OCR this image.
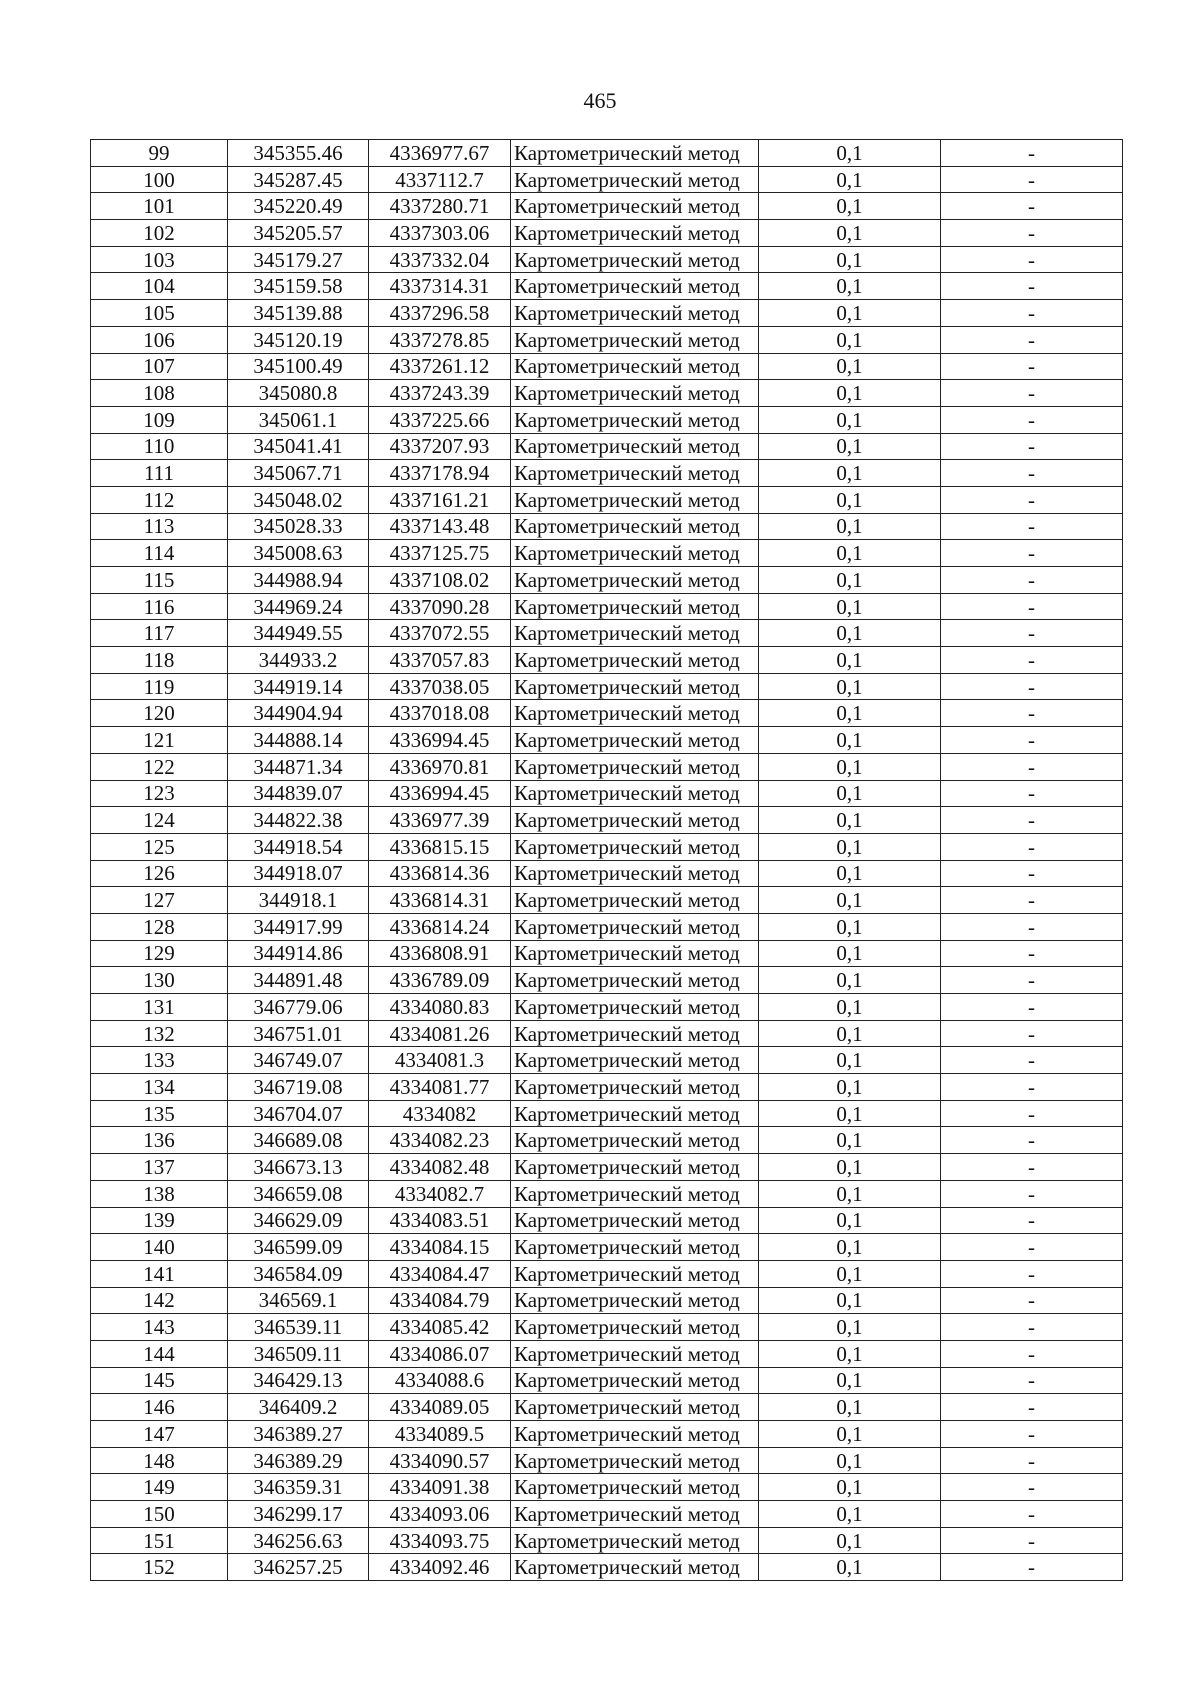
465
99	345355.46	4336977.67	Картометрический метод	0,1	-
100	345287.45	4337112.7	Картометрический метод	0,1	-
101	345220.49	4337280.71	Картометрический метод	0,1	-
102	345205.57	4337303.06	Картометрический метод	0,1	-
103	345179.27	4337332.04	Картометрический метод	0,1	-
104	345159.58	4337314.31	Картометрический метод	0,1	-
105	345139.88	4337296.58	Картометрический метод	0,1	-
106	345120.19	4337278.85	Картометрический метод	0,1	-
107	345100.49	4337261.12	Картометрический метод	0,1	-
108	345080.8	4337243.39	Картометрический метод	0,1	-
109	345061.1	4337225.66	Картометрический метод	0,1	-
110	345041.41	4337207.93	Картометрический метод	0,1	-
111	345067.71	4337178.94	Картометрический метод	0,1	-
112	345048.02	4337161.21	Картометрический метод	0,1	-
113	345028.33	4337143.48	Картометрический метод	0,1	-
114	345008.63	4337125.75	Картометрический метод	0,1	-
115	344988.94	4337108.02	Картометрический метод	0,1	-
116	344969.24	4337090.28	Картометрический метод	0,1	-
117	344949.55	4337072.55	Картометрический метод	0,1	-
118	344933.2	4337057.83	Картометрический метод	0,1	-
119	344919.14	4337038.05	Картометрический метод	0,1	-
120	344904.94	4337018.08	Картометрический метод	0,1	-
121	344888.14	4336994.45	Картометрический метод	0,1	-
122	344871.34	4336970.81	Картометрический метод	0,1	-
123	344839.07	4336994.45	Картометрический метод	0,1	-
124	344822.38	4336977.39	Картометрический метод	0,1	-
125	344918.54	4336815.15	Картометрический метод	0,1	-
126	344918.07	4336814.36	Картометрический метод	0,1	-
127	344918.1	4336814.31	Картометрический метод	0,1	-
128	344917.99	4336814.24	Картометрический метод	0,1	-
129	344914.86	4336808.91	Картометрический метод	0,1	-
130	344891.48	4336789.09	Картометрический метод	0,1	-
131	346779.06	4334080.83	Картометрический метод	0,1	-
132	346751.01	4334081.26	Картометрический метод	0,1	-
133	346749.07	4334081.3	Картометрический метод	0,1	-
134	346719.08	4334081.77	Картометрический метод	0,1	-
135	346704.07	4334082	Картометрический метод	0,1	-
136	346689.08	4334082.23	Картометрический метод	0,1	-
137	346673.13	4334082.48	Картометрический метод	0,1	-
138	346659.08	4334082.7	Картометрический метод	0,1	-
139	346629.09	4334083.51	Картометрический метод	0,1	-
140	346599.09	4334084.15	Картометрический метод	0,1	-
141	346584.09	4334084.47	Картометрический метод	0,1	-
142	346569.1	4334084.79	Картометрический метод	0,1	-
143	346539.11	4334085.42	Картометрический метод	0,1	-
144	346509.11	4334086.07	Картометрический метод	0,1	-
145	346429.13	4334088.6	Картометрический метод	0,1	-
146	346409.2	4334089.05	Картометрический метод	0,1	-
147	346389.27	4334089.5	Картометрический метод	0,1	-
148	346389.29	4334090.57	Картометрический метод	0,1	-
149	346359.31	4334091.38	Картометрический метод	0,1	-
150	346299.17	4334093.06	Картометрический метод	0,1	-
151	346256.63	4334093.75	Картометрический метод	0,1	-
152	346257.25	4334092.46	Картометрический метод	0,1	-
